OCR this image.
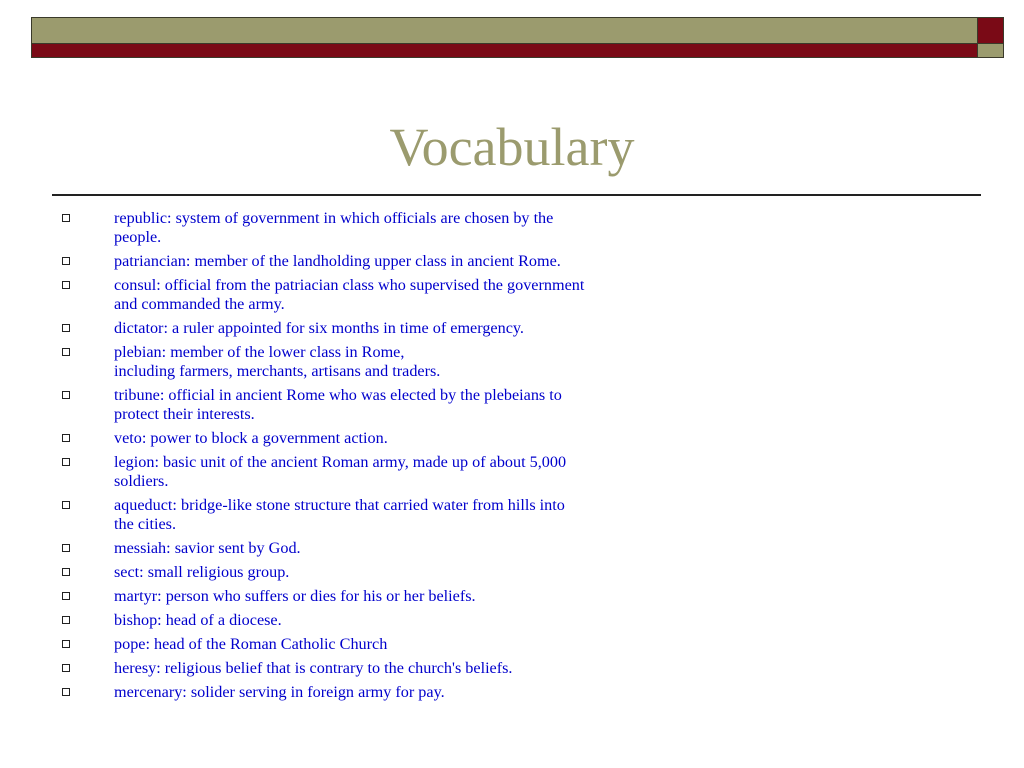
Vocabulary
republic: system of government in which officials are chosen by the
people.
patriancian: member of the landholding upper class in ancient Rome.
consul: official from the patriacian class who supervised the government
and commanded the army.
dictator: a ruler appointed for six months in time of emergency.
plebian: member of the lower class in Rome,
including farmers, merchants, artisans and traders.
tribune: official in ancient Rome who was elected by the plebeians to
protect their interests.
veto: power to block a government action.
legion: basic unit of the ancient Roman army, made up of about 5,000
soldiers.
aqueduct: bridge-like stone structure that carried water from hills into
the cities.
messiah: savior sent by God.
sect: small religious group.
martyr: person who suffers or dies for his or her beliefs.
bishop: head of a diocese.
pope: head of the Roman Catholic Church
heresy: religious belief that is contrary to the church's beliefs.
mercenary: solider serving in foreign army for pay.
